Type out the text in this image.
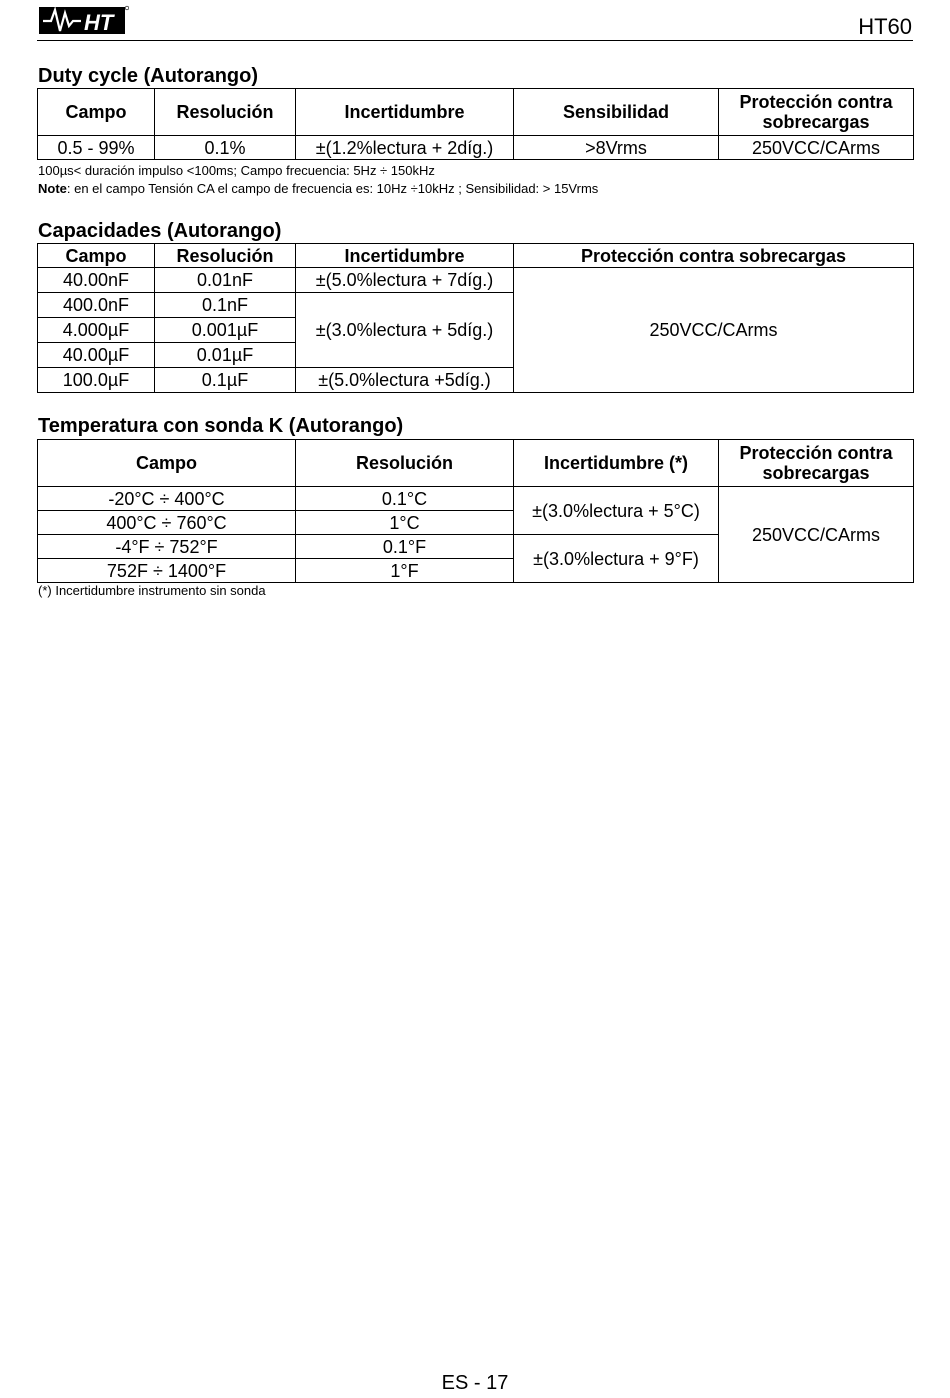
HT	HT60
Duty cycle (Autorango)
Campo	Resolución	Incertidumbre	Sensibilidad	Protección contra sobrecargas
0.5 - 99%	0.1%	±(1.2%lectura + 2díg.)	>8Vrms	250VCC/CArms
100µs< duración impulso <100ms; Campo frecuencia: 5Hz ÷ 150kHz
Note: en el campo Tensión CA el campo de frecuencia es: 10Hz ÷10kHz ; Sensibilidad: > 15Vrms
Capacidades (Autorango)
Campo	Resolución	Incertidumbre	Protección contra sobrecargas
40.00nF	0.01nF	±(5.0%lectura + 7díg.)	250VCC/CArms
400.0nF	0.1nF	±(3.0%lectura + 5díg.)	
4.000µF	0.001µF		
40.00µF	0.01µF		
100.0µF	0.1µF	±(5.0%lectura +5díg.)	
Temperatura con sonda K (Autorango)
Campo	Resolución	Incertidumbre (*)	Protección contra sobrecargas
-20°C ÷ 400°C	0.1°C	±(3.0%lectura + 5°C)	250VCC/CArms
400°C ÷ 760°C	1°C		
-4°F ÷ 752°F	0.1°F	±(3.0%lectura + 9°F)	
752F ÷ 1400°F	1°F		
(*) Incertidumbre instrumento sin sonda
ES - 17
